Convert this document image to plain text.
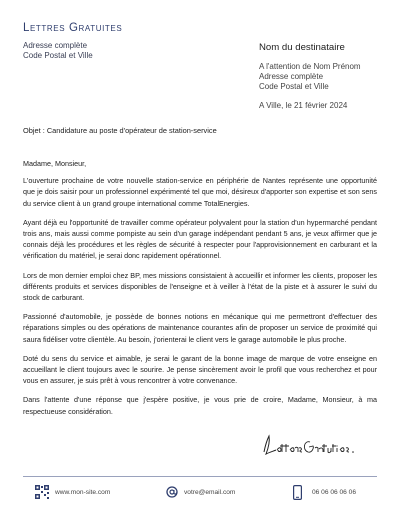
Lettres Gratuites
Adresse complète
Code Postal et Ville
Nom du destinataire
A l'attention de Nom Prénom
Adresse complète
Code Postal et Ville
A Ville, le 21 février 2024
Objet : Candidature au poste d'opérateur de station-service

Madame, Monsieur,

L'ouverture prochaine de votre nouvelle station-service en périphérie de Nantes représente une opportunité que je dois saisir pour un professionnel expérimenté tel que moi, désireux d'apporter son expertise et son sens du service client à un grand groupe international comme TotalEnergies.

Ayant déjà eu l'opportunité de travailler comme opérateur polyvalent pour la station d'un hypermarché pendant trois ans, mais aussi comme pompiste au sein d'un garage indépendant pendant 5 ans, je veux affirmer que je connais déjà les procédures et les règles de sécurité à respecter pour l'approvisionnement en carburant et la vérification du matériel, je serai donc rapidement opérationnel.

Lors de mon dernier emploi chez BP, mes missions consistaient à accueillir et informer les clients, proposer les différents produits et services disponibles de l'enseigne et à veiller à l'état de la piste et à assurer le suivi du stock de carburant.

Passionné d'automobile, je possède de bonnes notions en mécanique qui me permettront d'effectuer des réparations simples ou des opérations de maintenance courantes afin de proposer un service de proximité qui saura fidéliser votre clientèle. Au besoin, j'orienterai le client vers le garage automobile le plus proche.

Doté du sens du service et aimable, je serai le garant de la bonne image de marque de votre enseigne en accueillant le client toujours avec le sourire. Je pense sincèrement avoir le profil que vous recherchez et pour vous en assurer, je suis prêt à vous rencontrer à votre convenance.

Dans l'attente d'une réponse que j'espère positive, je vous prie de croire, Madame, Monsieur, à ma respectueuse considération.

www.mon-site.com	votre@email.com	06 06 06 06 06
